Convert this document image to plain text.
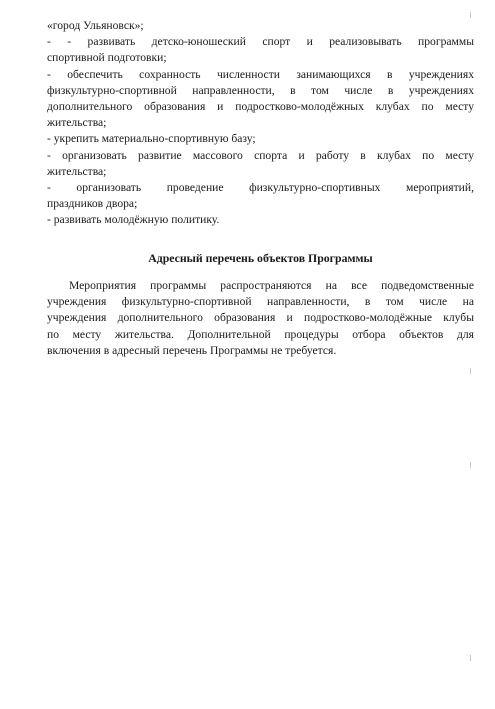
«город Ульяновск»;
- - развивать детско-юношеский спорт и реализовывать программы
спортивной подготовки;
- обеспечить сохранность численности занимающихся в учреждениях
физкультурно-спортивной направленности, в том числе в учреждениях
дополнительного образования и подростково-молодёжных клубах по месту
жительства;
- укрепить материально-спортивную базу;
- организовать развитие массового спорта и работу в клубах по месту
жительства;
- организовать проведение физкультурно-спортивных мероприятий,
праздников двора;
- развивать молодёжную политику.
Адресный перечень объектов Программы
Мероприятия программы распространяются на все подведомственные
учреждения физкультурно-спортивной направленности, в том числе на
учреждения дополнительного образования и подростково-молодёжные клубы
по месту жительства. Дополнительной процедуры отбора объектов для
включения в адресный перечень Программы не требуется.
